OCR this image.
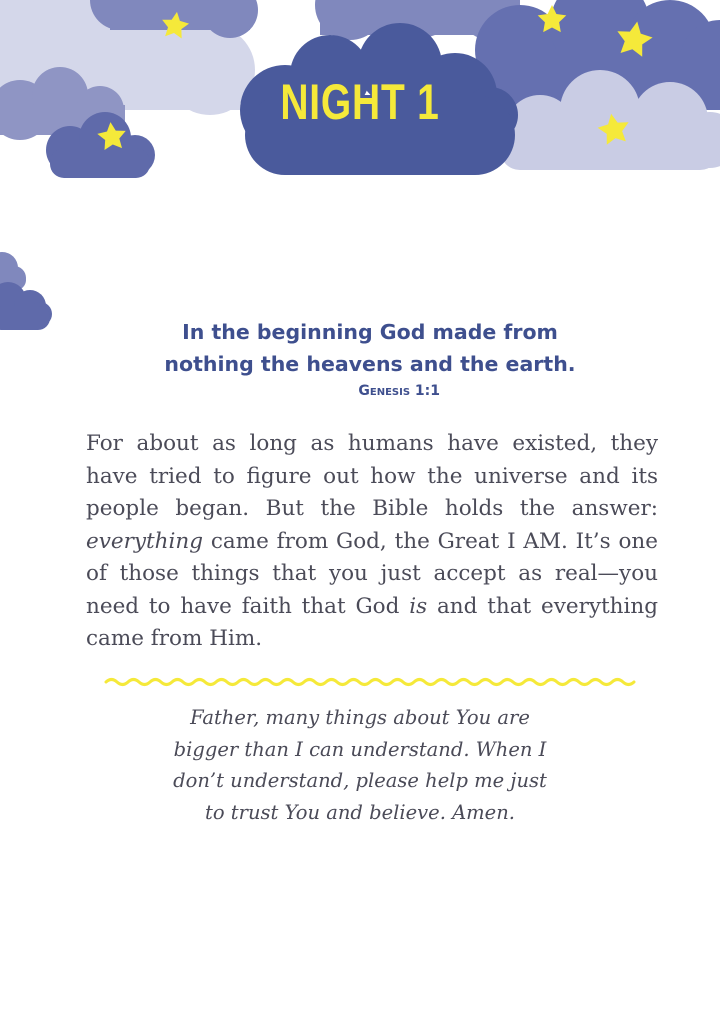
NIGHT 1
In the beginning God made from
nothing the heavens and the earth.
Genesis 1:1
For about as long as humans have existed, they have tried to figure out how the universe and its people began. But the Bible holds the answer: everything came from God, the Great I AM. It’s one of those things that you just accept as real—you need to have faith that God is and that everything came from Him.
Father, many things about You are
bigger than I can understand. When I
don’t understand, please help me just
to trust You and believe. Amen.
